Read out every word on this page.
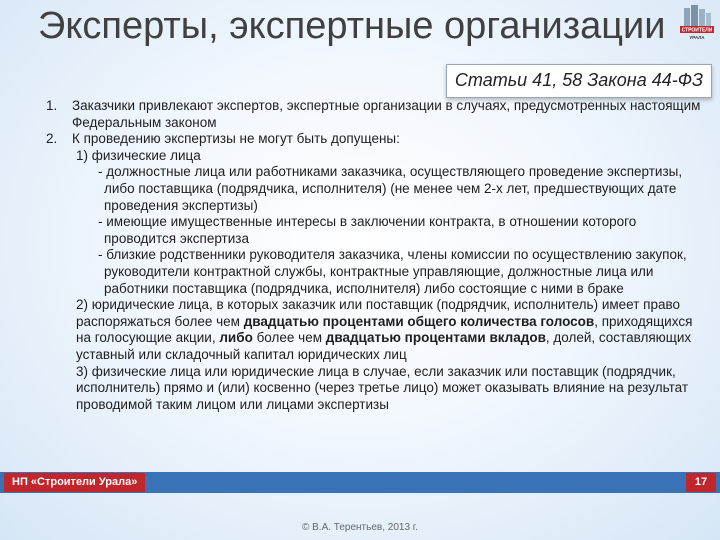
Эксперты, экспертные организации	СТРОИТЕЛИ
УРАЛА
Статьи 41, 58 Закона 44-ФЗ
1. Заказчики привлекают экспертов, экспертные организации в случаях, предусмотренных настоящим Федеральным законом
2. К проведению экспертизы не могут быть допущены:

1) физические лица

- должностные лица или работниками заказчика, осуществляющего проведение экспертизы, либо поставщика (подрядчика, исполнителя) (не менее чем 2-х лет, предшествующих дате проведения экспертизы)

- имеющие имущественные интересы в заключении контракта, в отношении которого проводится экспертиза

- близкие родственники руководителя заказчика, члены комиссии по осуществлению закупок, руководители контрактной службы, контрактные управляющие, должностные лица или работники поставщика (подрядчика, исполнителя) либо состоящие с ними в браке

2) юридические лица, в которых заказчик или поставщик (подрядчик, исполнитель) имеет право распоряжаться более чем двадцатью процентами общего количества голосов, приходящихся на голосующие акции, либо более чем двадцатью процентами вкладов, долей, составляющих уставный или складочный капитал юридических лиц

3) физические лица или юридические лица в случае, если заказчик или поставщик (подрядчик, исполнитель) прямо и (или) косвенно (через третье лицо) может оказывать влияние на результат проводимой таким лицом или лицами экспертизы

НП «Строители Урала»	17
© В.А. Терентьев, 2013 г.
